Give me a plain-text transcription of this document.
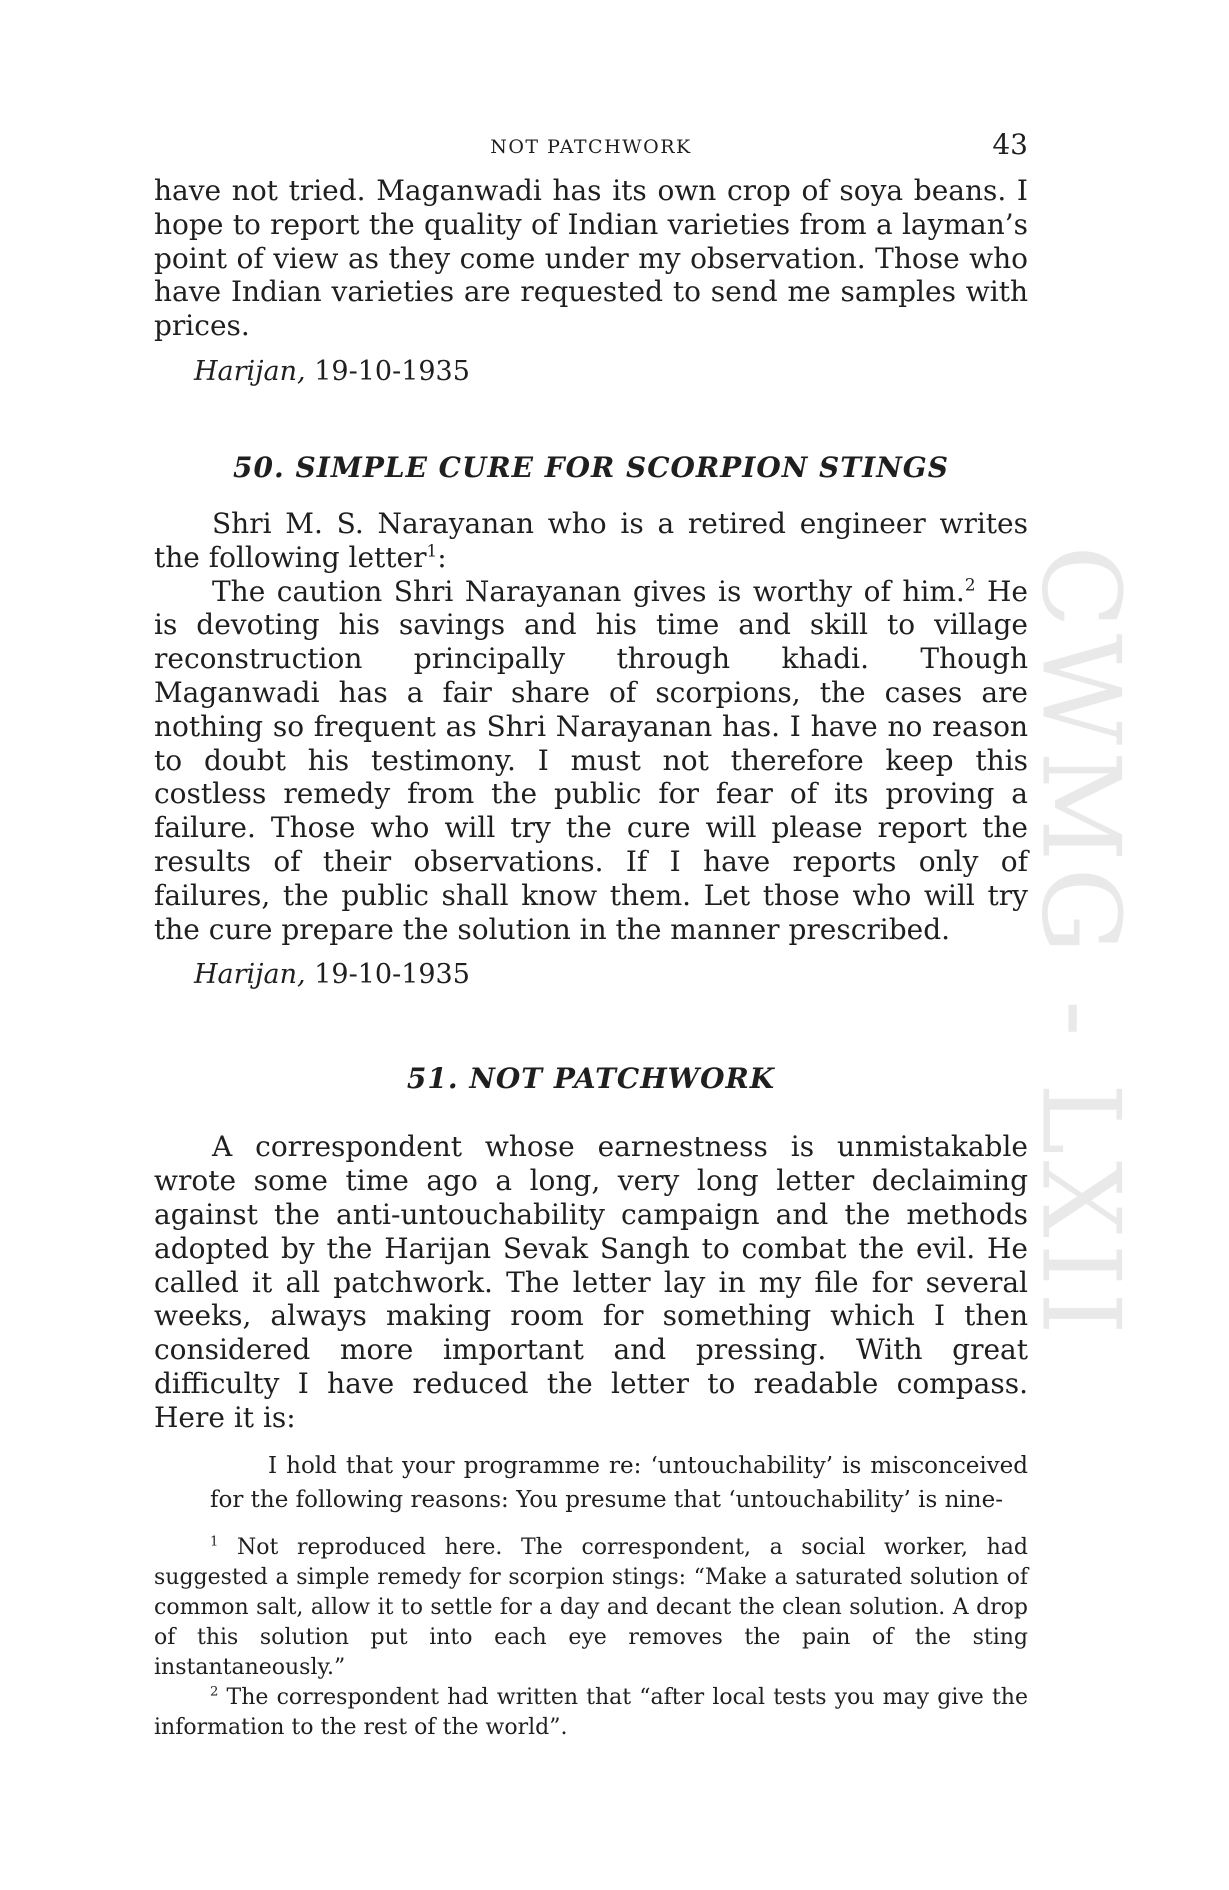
CWMG - LXII
NOT PATCHWORK	43

have not tried. Maganwadi has its own crop of soya beans. I hope to report the quality of Indian varieties from a layman’s point of view as they come under my observation. Those who have Indian varieties are requested to send me samples with prices.

Harijan, 19-10-1935

50. SIMPLE CURE FOR SCORPION STINGS

Shri M. S. Narayanan who is a retired engineer writes the following letter$^1$:

The caution Shri Narayanan gives is worthy of him.$^2$ He is devoting his savings and his time and skill to village reconstruction principally through khadi. Though Maganwadi has a fair share of scorpions, the cases are nothing so frequent as Shri Narayanan has. I have no reason to doubt his testimony. I must not therefore keep this costless remedy from the public for fear of its proving a failure. Those who will try the cure will please report the results of their observations. If I have reports only of failures, the public shall know them. Let those who will try the cure prepare the solution in the manner prescribed.

Harijan, 19-10-1935

51. NOT PATCHWORK

A correspondent whose earnestness is unmistakable wrote some time ago a long, very long letter declaiming against the anti-untouchability campaign and the methods adopted by the Harijan Sevak Sangh to combat the evil. He called it all patchwork. The letter lay in my file for several weeks, always making room for something which I then considered more important and pressing. With great difficulty I have reduced the letter to readable compass. Here it is:

I hold that your programme re: ‘untouchability’ is misconceived for the following reasons: You presume that ‘untouchability’ is nine-

$^1$ Not reproduced here. The correspondent, a social worker, had suggested a simple remedy for scorpion stings: “Make a saturated solution of common salt, allow it to settle for a day and decant the clean solution. A drop of this solution put into each eye removes the pain of the sting instantaneously.”

$^2$ The correspondent had written that “after local tests you may give the information to the rest of the world”.
